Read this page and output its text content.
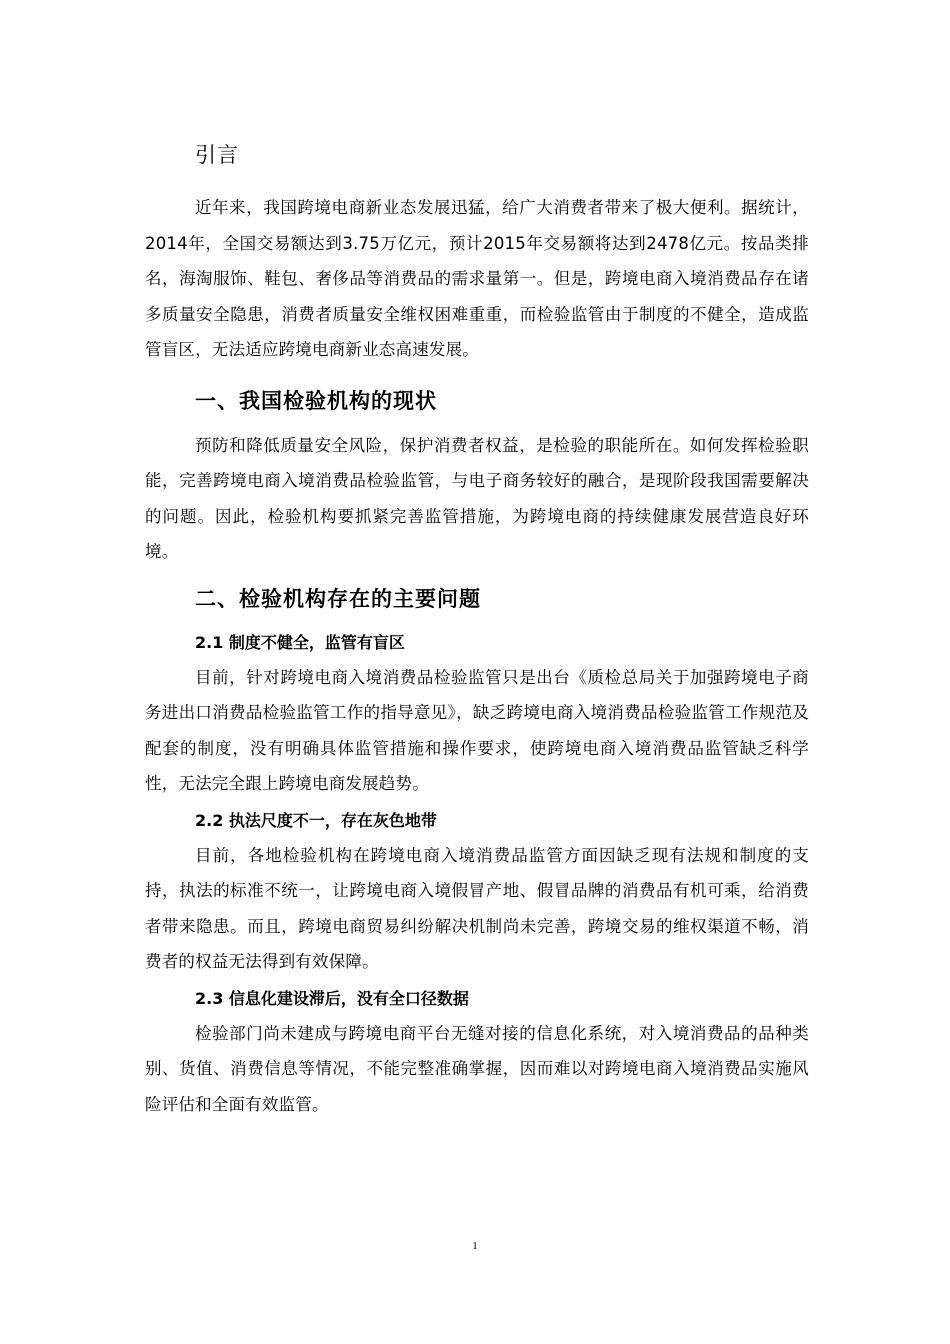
引言

近年来，我国跨境电商新业态发展迅猛，给广大消费者带来了极大便利。据统计，2014年，全国交易额达到3.75万亿元，预计2015年交易额将达到2478亿元。按品类排名，海淘服饰、鞋包、奢侈品等消费品的需求量第一。但是，跨境电商入境消费品存在诸多质量安全隐患，消费者质量安全维权困难重重，而检验监管由于制度的不健全，造成监管盲区，无法适应跨境电商新业态高速发展。

一、我国检验机构的现状

预防和降低质量安全风险，保护消费者权益，是检验的职能所在。如何发挥检验职能，完善跨境电商入境消费品检验监管，与电子商务较好的融合，是现阶段我国需要解决的问题。因此，检验机构要抓紧完善监管措施，为跨境电商的持续健康发展营造良好环境。

二、检验机构存在的主要问题
2.1 制度不健全，监管有盲区

目前，针对跨境电商入境消费品检验监管只是出台《质检总局关于加强跨境电子商务进出口消费品检验监管工作的指导意见》，缺乏跨境电商入境消费品检验监管工作规范及配套的制度，没有明确具体监管措施和操作要求，使跨境电商入境消费品监管缺乏科学性，无法完全跟上跨境电商发展趋势。

2.2 执法尺度不一，存在灰色地带

目前，各地检验机构在跨境电商入境消费品监管方面因缺乏现有法规和制度的支持，执法的标准不统一，让跨境电商入境假冒产地、假冒品牌的消费品有机可乘，给消费者带来隐患。而且，跨境电商贸易纠纷解决机制尚未完善，跨境交易的维权渠道不畅，消费者的权益无法得到有效保障。

2.3 信息化建设滞后，没有全口径数据

检验部门尚未建成与跨境电商平台无缝对接的信息化系统，对入境消费品的品种类别、货值、消费信息等情况，不能完整准确掌握，因而难以对跨境电商入境消费品实施风险评估和全面有效监管。

1
